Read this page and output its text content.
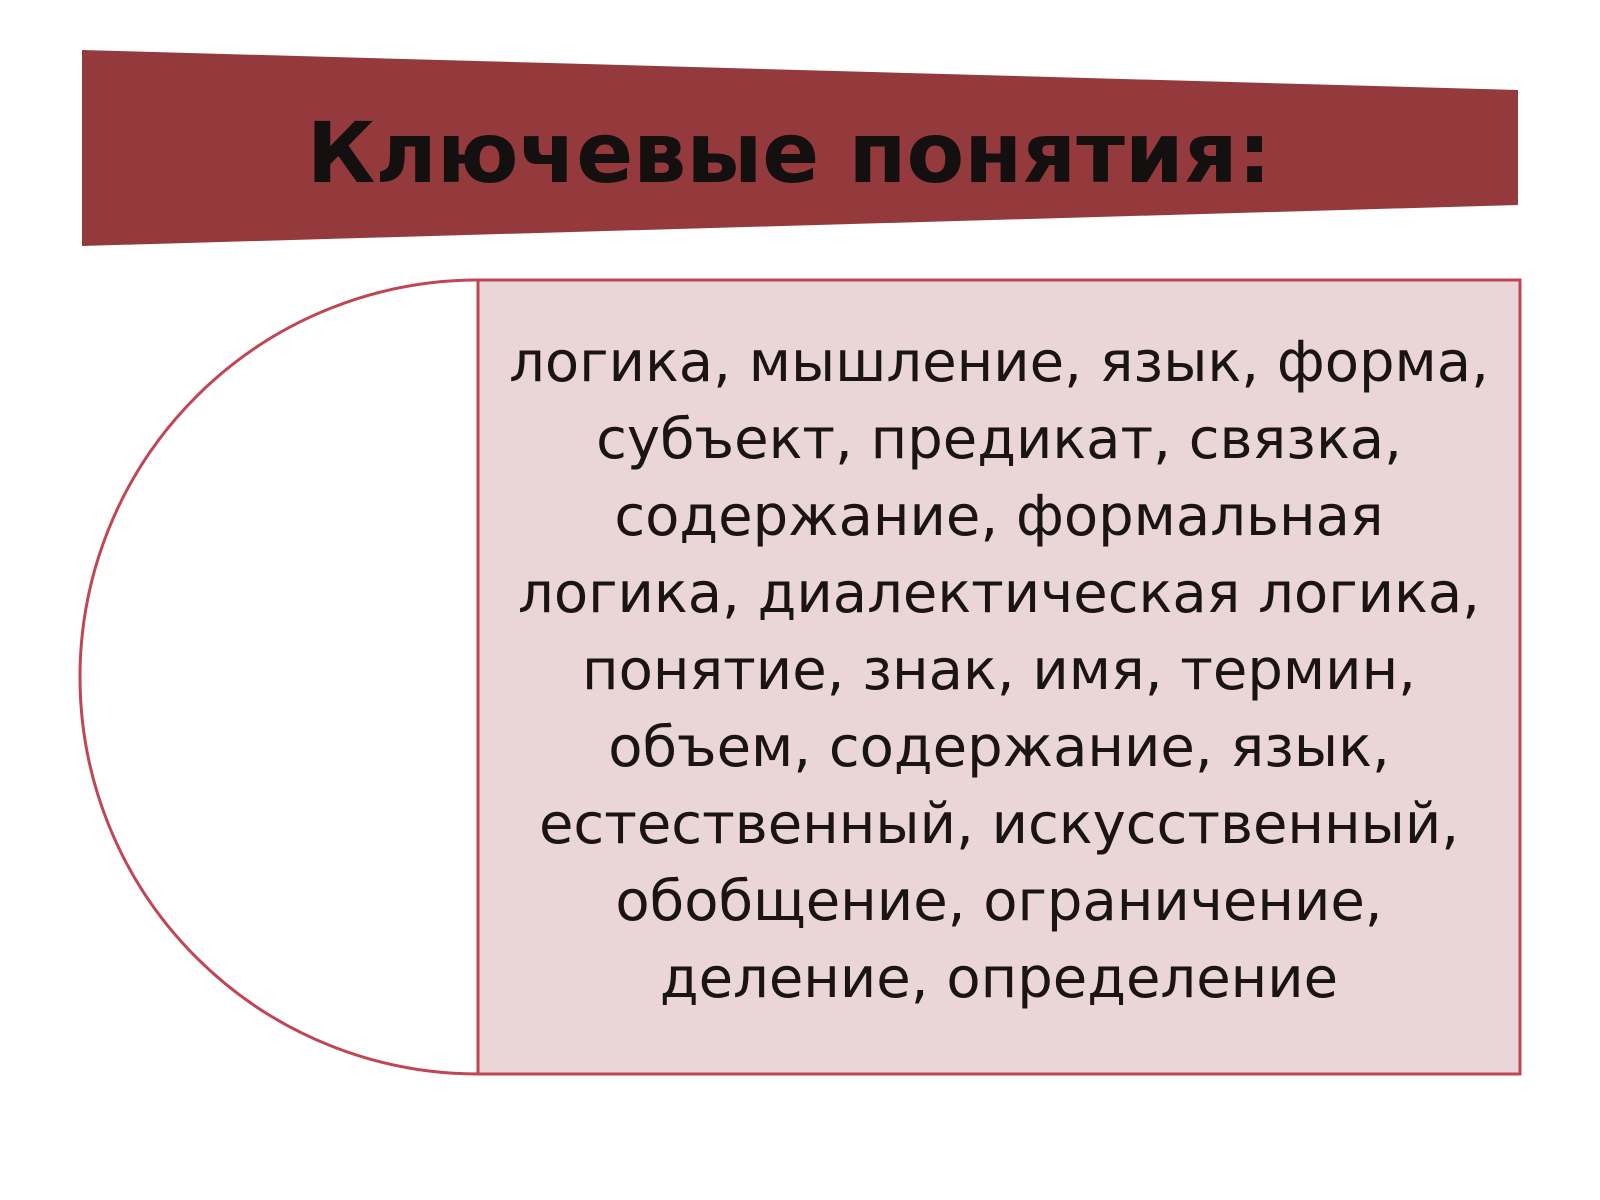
Ключевые понятия:
логика, мышление, язык, форма,
субъект, предикат, связка,
содержание, формальная
логика, диалектическая логика,
понятие, знак, имя, термин,
объем, содержание, язык,
естественный, искусственный,
обобщение, ограничение,
деление, определение
